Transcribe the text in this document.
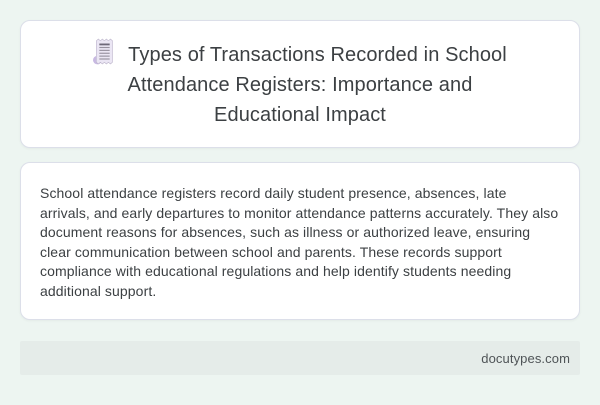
Types of Transactions Recorded in School
Attendance Registers: Importance and
Educational Impact

School attendance registers record daily student presence, absences, late arrivals, and early departures to monitor attendance patterns accurately. They also document reasons for absences, such as illness or authorized leave, ensuring clear communication between school and parents. These records support compliance with educational regulations and help identify students needing additional support.

docutypes.com
